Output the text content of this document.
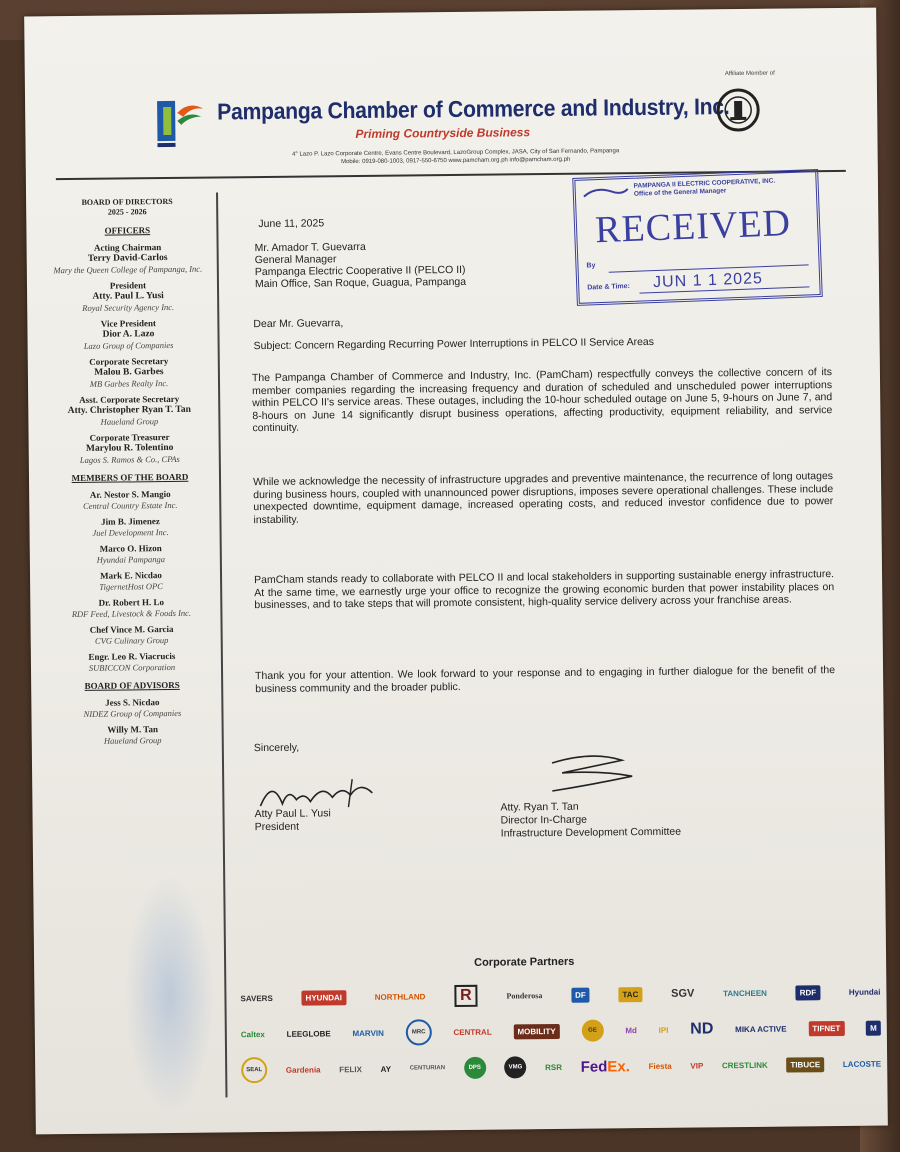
Pampanga Chamber of Commerce and Industry, Inc.
Priming Countryside Business
4° Lazo P. Lazo Corporate Centre, Evans Centre Boulevard, LazoGroup Complex, JASA, City of San Fernando, Pampanga
Mobile: 0919-080-1003, 0917-550-6750 www.pamcham.org.ph info@pamcham.org.ph
Affiliate Member of
BOARD OF DIRECTORS
2025 - 2026
OFFICERS
Acting Chairman
Terry David-Carlos
Mary the Queen College of Pampanga, Inc.
President
Atty. Paul L. Yusi
Royal Security Agency Inc.
Vice President
Dior A. Lazo
Lazo Group of Companies
Corporate Secretary
Malou B. Garbes
MB Garbes Realty Inc.
Asst. Corporate Secretary
Atty. Christopher Ryan T. Tan
Haueland Group
Corporate Treasurer
Marylou R. Tolentino
Lagos S. Ramos & Co., CPAs
MEMBERS OF THE BOARD
Ar. Nestor S. Mangio
Central Country Estate Inc.
Jim B. Jimenez
Juel Development Inc.
Marco O. Hizon
Hyundai Pampanga
Mark E. Nicdao
TigernetHost OPC
Dr. Robert H. Lo
RDF Feed, Livestock & Foods Inc.
Chef Vince M. Garcia
CVG Culinary Group
Engr. Leo R. Viacrucis
SUBICCON Corporation
BOARD OF ADVISORS
Jess S. Nicdao
NIDEZ Group of Companies
Willy M. Tan
Haueland Group
June 11, 2025
Mr. Amador T. Guevarra
General Manager
Pampanga Electric Cooperative II (PELCO II)
Main Office, San Roque, Guagua, Pampanga
Dear Mr. Guevarra,
Subject: Concern Regarding Recurring Power Interruptions in PELCO II Service Areas
The Pampanga Chamber of Commerce and Industry, Inc. (PamCham) respectfully conveys the collective concern of its member companies regarding the increasing frequency and duration of scheduled and unscheduled power interruptions within PELCO II's service areas. These outages, including the 10-hour scheduled outage on June 5, 9-hours on June 7, and 8-hours on June 14 significantly disrupt business operations, affecting productivity, equipment reliability, and service continuity.
While we acknowledge the necessity of infrastructure upgrades and preventive maintenance, the recurrence of long outages during business hours, coupled with unannounced power disruptions, imposes severe operational challenges. These include unexpected downtime, equipment damage, increased operating costs, and reduced investor confidence due to power instability.
PamCham stands ready to collaborate with PELCO II and local stakeholders in supporting sustainable energy infrastructure. At the same time, we earnestly urge your office to recognize the growing economic burden that power instability places on businesses, and to take steps that will promote consistent, high-quality service delivery across your franchise areas.
Thank you for your attention. We look forward to your response and to engaging in further dialogue for the benefit of the business community and the broader public.
Sincerely,
Atty Paul L. Yusi
President
Atty. Ryan T. Tan
Director In-Charge
Infrastructure Development Committee
PAMPANGA II ELECTRIC COOPERATIVE, INC.
Office of the General Manager
RECEIVED
By
Date & Time: JUN 1 1 2025
Corporate Partners
SAVERS	HYUNDAI	NORTHLAND	R	Ponderosa	DF	TAC	SGV	TANCHEEN	RDF	Hyundai
Caltex	LEEGLOBE	MARVIN	MRC	CENTRAL	MOBILITY	GE	Md	IPI ND	MIKA ACTIVE	TIFNET	M
SEAL	Gardenia FELIX AY	CENTURIAN	DPS	VMG	RSR FedEx. Fiesta VIP CRESTLINK	TIBUCE	LACOSTE
